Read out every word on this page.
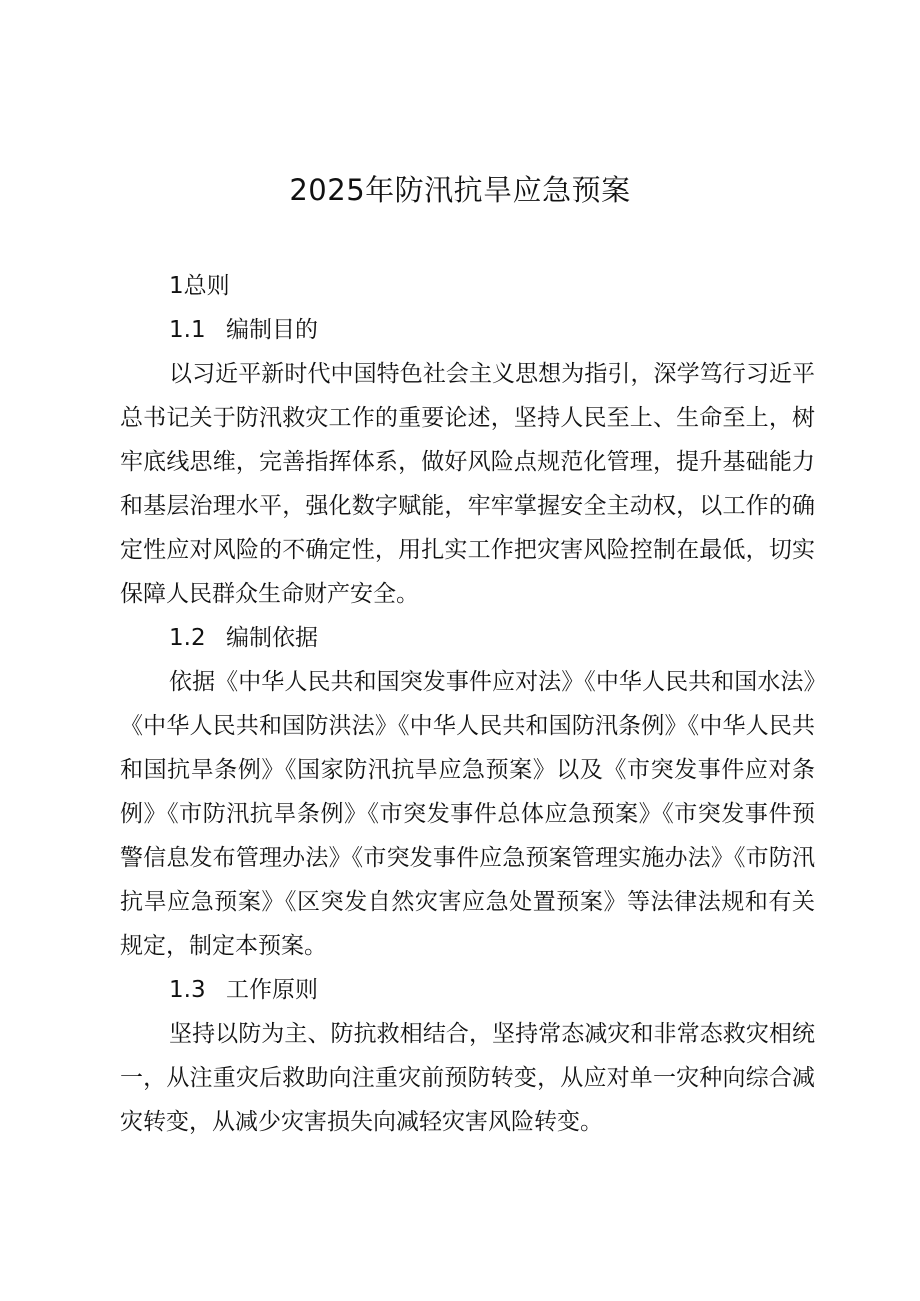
2025年防汛抗旱应急预案

1总则

1.1 编制目的

以习近平新时代中国特色社会主义思想为指引，深学笃行习近平总书记关于防汛救灾工作的重要论述，坚持人民至上、生命至上，树牢底线思维，完善指挥体系，做好风险点规范化管理，提升基础能力和基层治理水平，强化数字赋能，牢牢掌握安全主动权，以工作的确定性应对风险的不确定性，用扎实工作把灾害风险控制在最低，切实保障人民群众生命财产安全。

1.2 编制依据

依据《中华人民共和国突发事件应对法》《中华人民共和国水法》《中华人民共和国防洪法》《中华人民共和国防汛条例》《中华人民共和国抗旱条例》《国家防汛抗旱应急预案》以及《市突发事件应对条例》《市防汛抗旱条例》《市突发事件总体应急预案》《市突发事件预警信息发布管理办法》《市突发事件应急预案管理实施办法》《市防汛抗旱应急预案》《区突发自然灾害应急处置预案》等法律法规和有关规定，制定本预案。

1.3 工作原则

坚持以防为主、防抗救相结合，坚持常态减灾和非常态救灾相统一，从注重灾后救助向注重灾前预防转变，从应对单一灾种向综合减灾转变，从减少灾害损失向减轻灾害风险转变。
